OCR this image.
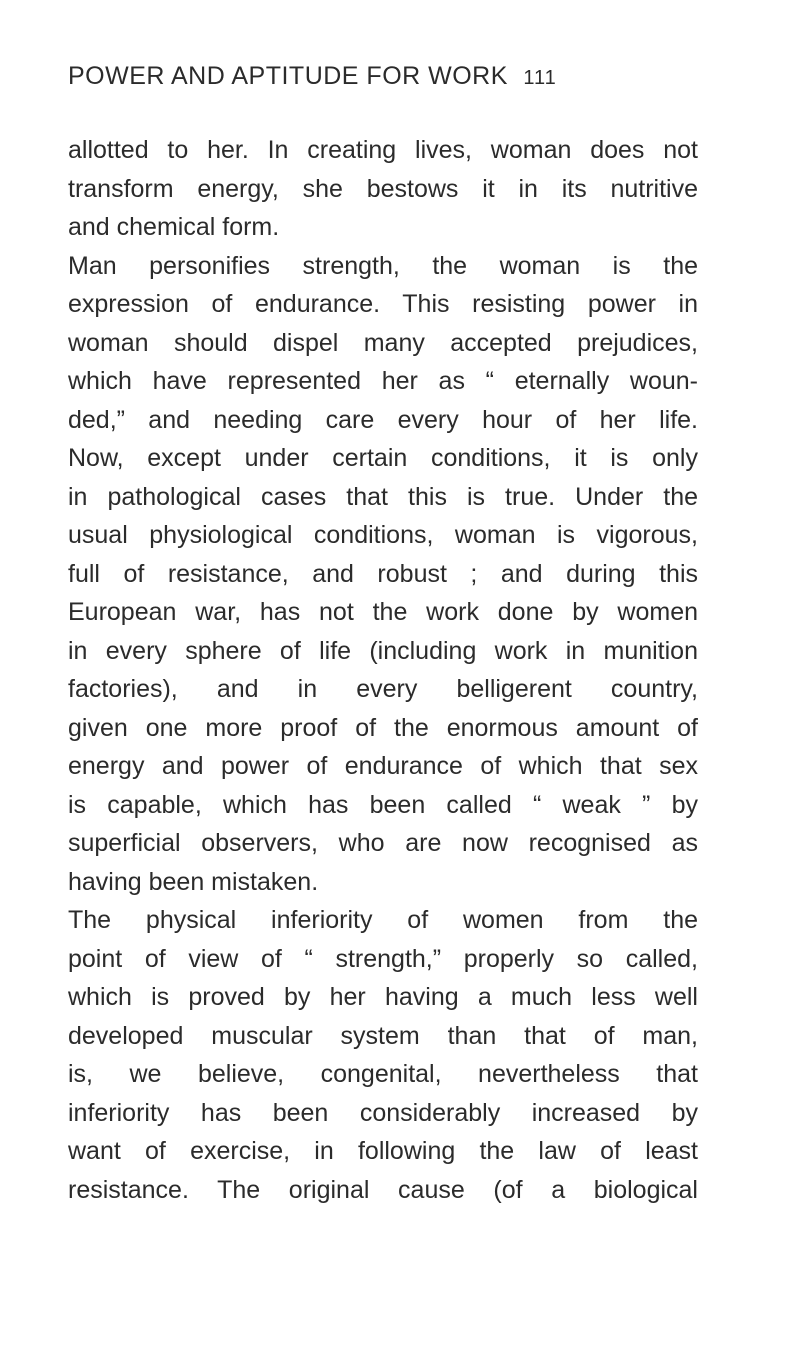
POWER AND APTITUDE FOR WORK 111
allotted to her. In creating lives, woman does not
transform energy, she bestows it in its nutritive
and chemical form.
Man personifies strength, the woman is the
expression of endurance. This resisting power in
woman should dispel many accepted prejudices,
which have represented her as “ eternally woun-
ded,” and needing care every hour of her life.
Now, except under certain conditions, it is only
in pathological cases that this is true. Under the
usual physiological conditions, woman is vigorous,
full of resistance, and robust ; and during this
European war, has not the work done by women
in every sphere of life (including work in munition
factories), and in every belligerent country,
given one more proof of the enormous amount of
energy and power of endurance of which that sex
is capable, which has been called “ weak ” by
superficial observers, who are now recognised as
having been mistaken.
The physical inferiority of women from the
point of view of “ strength,” properly so called,
which is proved by her having a much less well
developed muscular system than that of man,
is, we believe, congenital, nevertheless that
inferiority has been considerably increased by
want of exercise, in following the law of least
resistance. The original cause (of a biological
